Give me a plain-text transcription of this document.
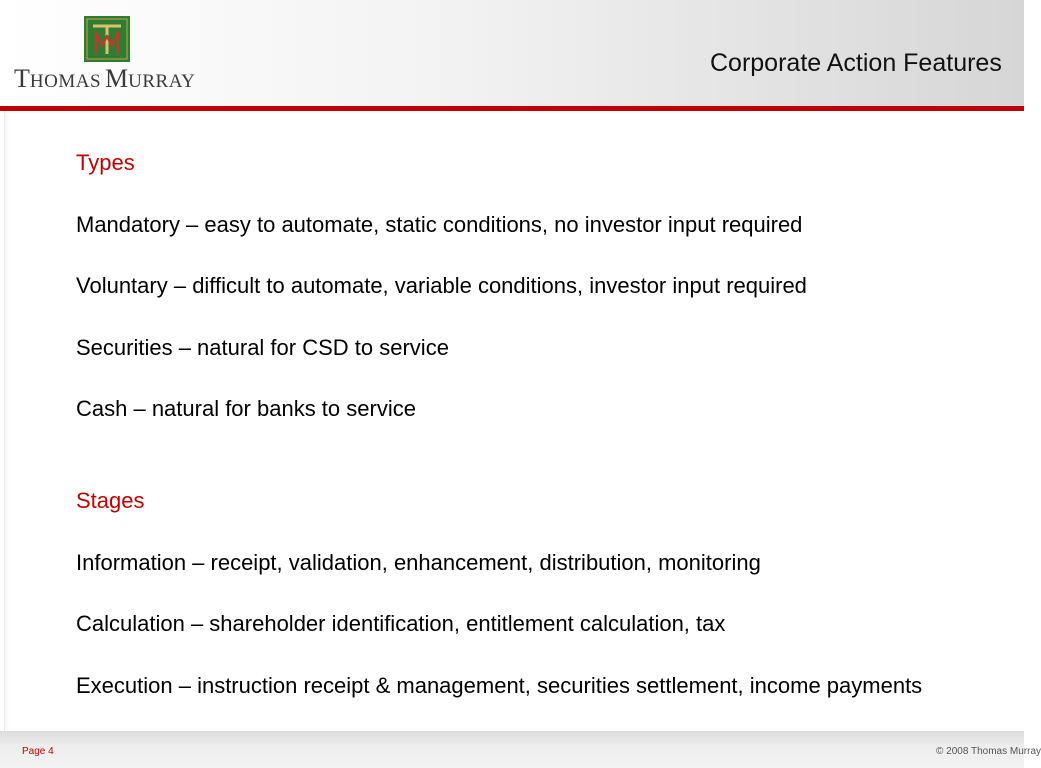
THOMAS MURRAY
Corporate Action Features
Types
Mandatory – easy to automate, static conditions, no investor input required
Voluntary – difficult to automate, variable conditions, investor input required
Securities – natural for CSD to service
Cash – natural for banks to service
Stages
Information – receipt, validation, enhancement, distribution, monitoring
Calculation – shareholder identification, entitlement calculation, tax
Execution – instruction receipt & management, securities settlement, income payments
Page 4	© 2008 Thomas Murray
